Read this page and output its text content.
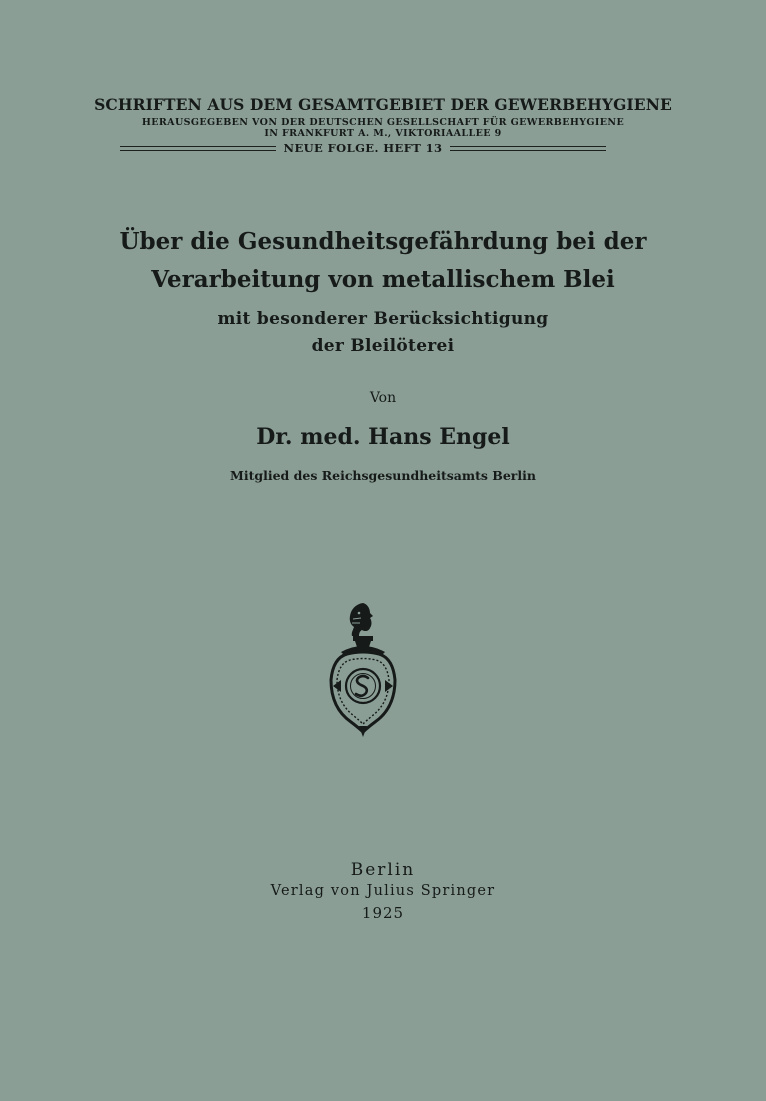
SCHRIFTEN AUS DEM GESAMTGEBIET DER GEWERBEHYGIENE
HERAUSGEGEBEN VON DER DEUTSCHEN GESELLSCHAFT FÜR GEWERBEHYGIENE
IN FRANKFURT A. M., VIKTORIAALLEE 9
NEUE FOLGE. HEFT 13
Über die Gesundheitsgefährdung bei der
Verarbeitung von metallischem Blei
mit besonderer Berücksichtigung
der Bleilöterei
Von
Dr. med. Hans Engel
Mitglied des Reichsgesundheitsamts Berlin
Berlin
Verlag von Julius Springer
1925
